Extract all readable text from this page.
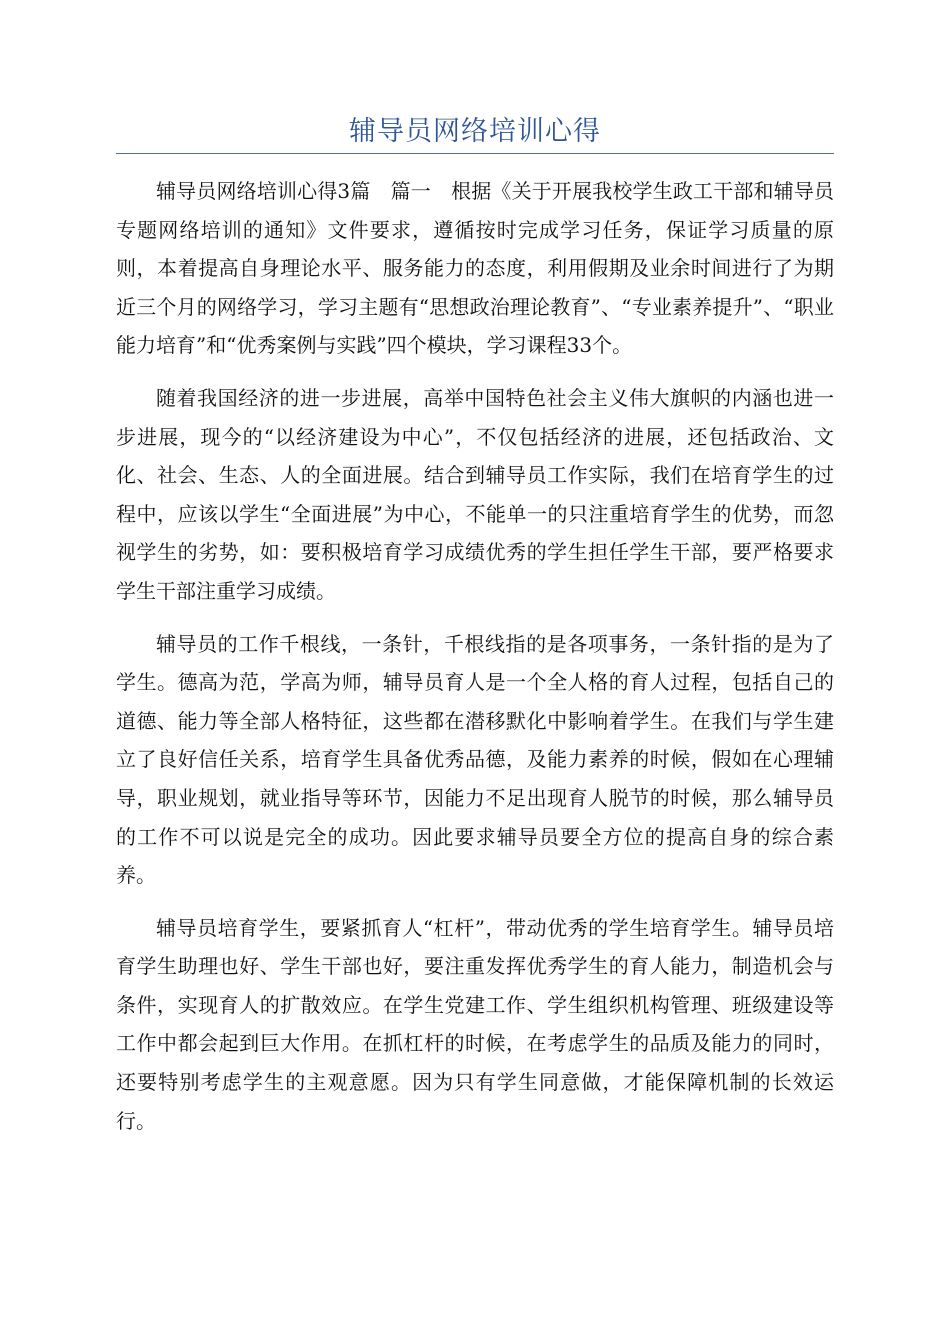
辅导员网络培训心得

辅导员网络培训心得3篇　篇一　根据《关于开展我校学生政工干部和辅导员专题网络培训的通知》文件要求，遵循按时完成学习任务，保证学习质量的原则，本着提高自身理论水平、服务能力的态度，利用假期及业余时间进行了为期近三个月的网络学习，学习主题有“思想政治理论教育”、“专业素养提升”、“职业能力培育”和“优秀案例与实践”四个模块，学习课程33个。

随着我国经济的进一步进展，高举中国特色社会主义伟大旗帜的内涵也进一步进展，现今的“以经济建设为中心”，不仅包括经济的进展，还包括政治、文化、社会、生态、人的全面进展。结合到辅导员工作实际，我们在培育学生的过程中，应该以学生“全面进展”为中心，不能单一的只注重培育学生的优势，而忽视学生的劣势，如：要积极培育学习成绩优秀的学生担任学生干部，要严格要求学生干部注重学习成绩。

辅导员的工作千根线，一条针，千根线指的是各项事务，一条针指的是为了学生。德高为范，学高为师，辅导员育人是一个全人格的育人过程，包括自己的道德、能力等全部人格特征，这些都在潜移默化中影响着学生。在我们与学生建立了良好信任关系，培育学生具备优秀品德，及能力素养的时候，假如在心理辅导，职业规划，就业指导等环节，因能力不足出现育人脱节的时候，那么辅导员的工作不可以说是完全的成功。因此要求辅导员要全方位的提高自身的综合素养。

辅导员培育学生，要紧抓育人“杠杆”，带动优秀的学生培育学生。辅导员培育学生助理也好、学生干部也好，要注重发挥优秀学生的育人能力，制造机会与条件，实现育人的扩散效应。在学生党建工作、学生组织机构管理、班级建设等工作中都会起到巨大作用。在抓杠杆的时候，在考虑学生的品质及能力的同时，还要特别考虑学生的主观意愿。因为只有学生同意做，才能保障机制的长效运行。
